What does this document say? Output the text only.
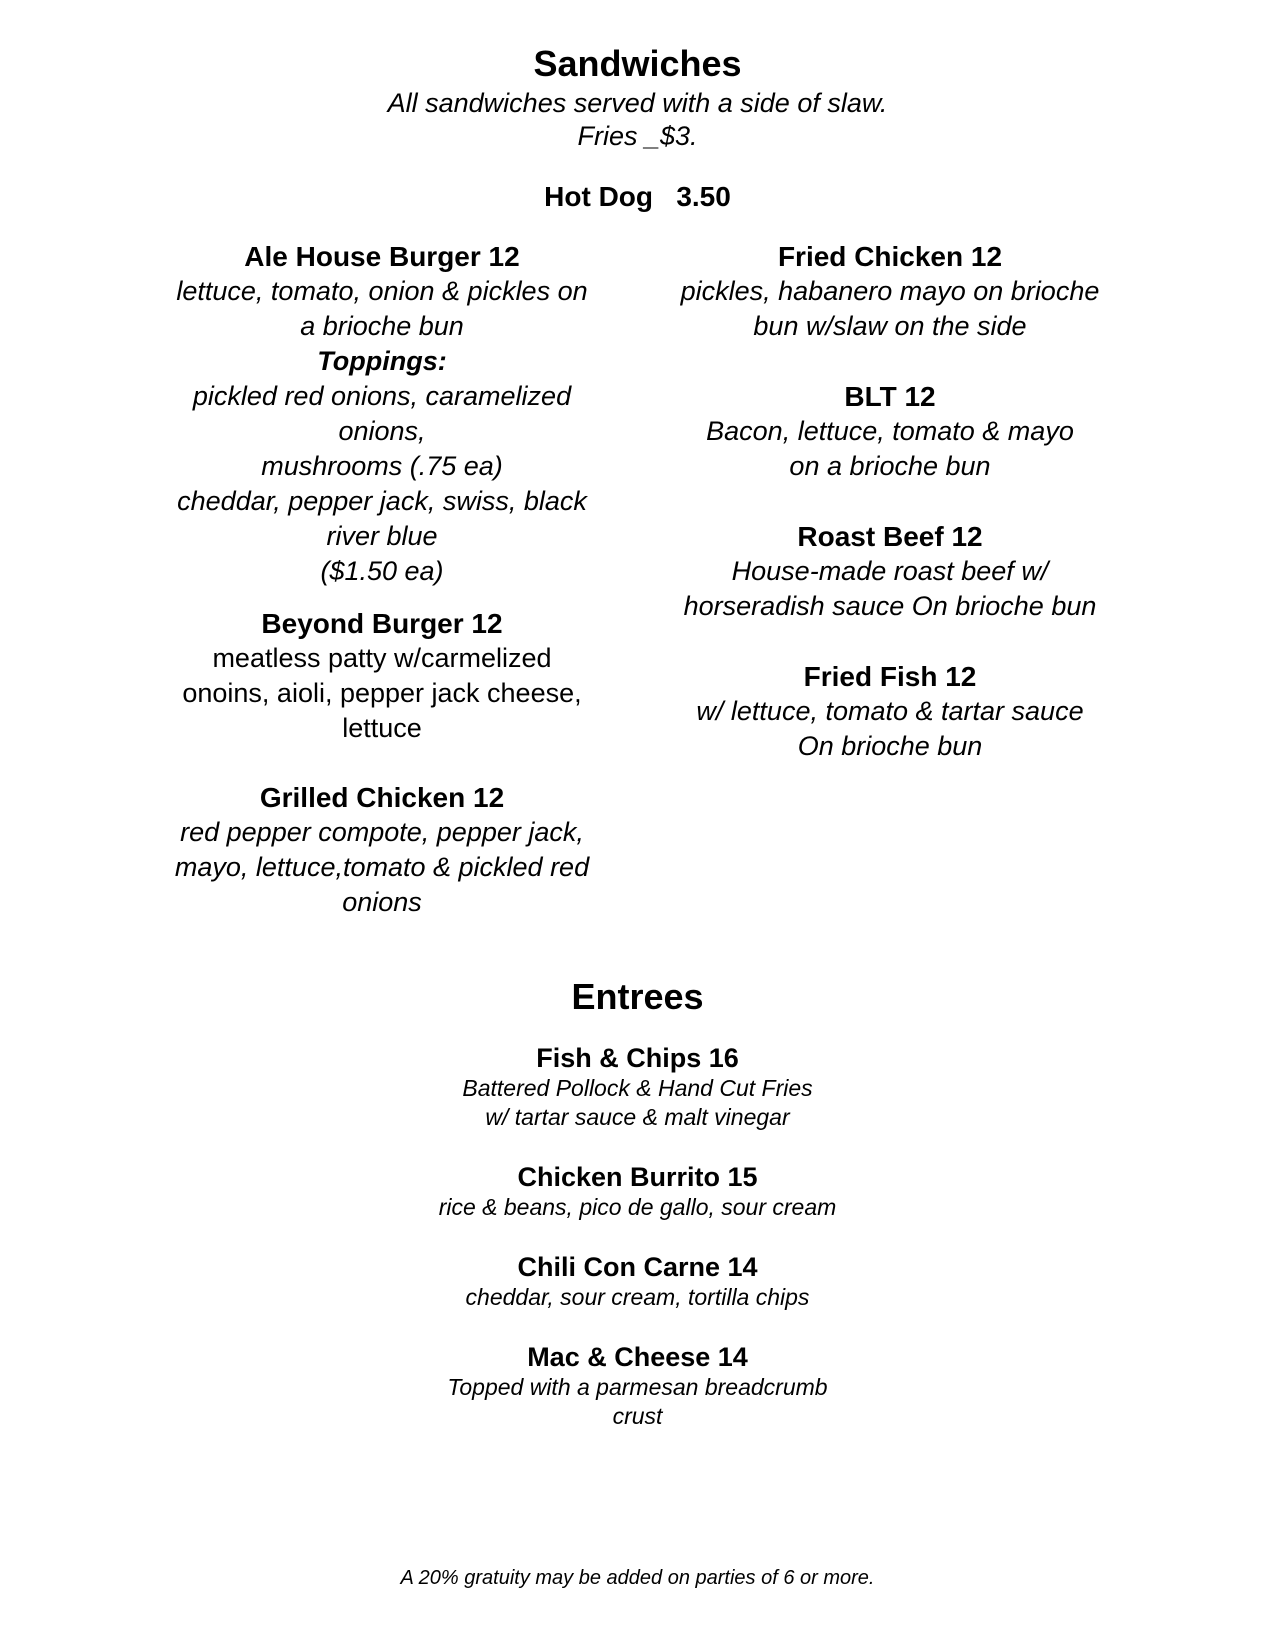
Sandwiches
All sandwiches served with a side of slaw.
Fries _$3.
Hot Dog   3.50
Ale House Burger 12
lettuce, tomato, onion & pickles on
a brioche bun
Toppings:
pickled red onions, caramelized
onions,
mushrooms (.75 ea)
cheddar, pepper jack, swiss, black
river blue
($1.50 ea)
Beyond Burger 12
meatless patty w/carmelized
onoins, aioli, pepper jack cheese,
lettuce
Grilled Chicken 12
red pepper compote, pepper jack,
mayo, lettuce,tomato & pickled red
onions
Fried Chicken 12
pickles, habanero mayo on brioche
bun w/slaw on the side
BLT 12
Bacon, lettuce, tomato & mayo
on a brioche bun
Roast Beef 12
House-made roast beef w/
horseradish sauce On brioche bun
Fried Fish 12
w/ lettuce, tomato & tartar sauce
On brioche bun
Entrees
Fish & Chips 16
Battered Pollock & Hand Cut Fries
w/ tartar sauce & malt vinegar
Chicken Burrito 15
rice & beans, pico de gallo, sour cream
Chili Con Carne 14
cheddar, sour cream, tortilla chips
Mac & Cheese 14
Topped with a parmesan breadcrumb
crust
A 20% gratuity may be added on parties of 6 or more.
